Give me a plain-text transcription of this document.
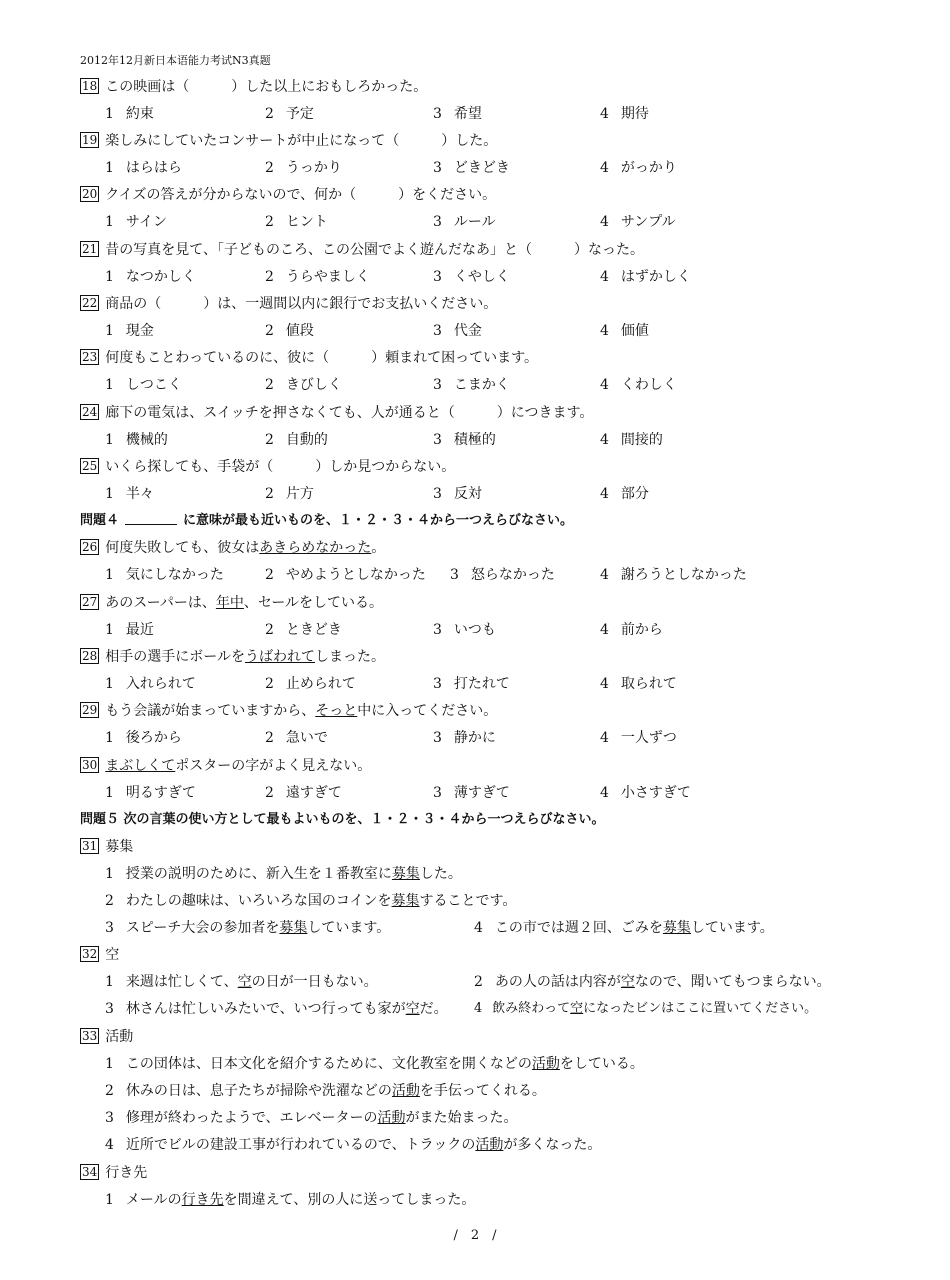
2012年12月新日本语能力考试N3真题
18 この映画は（　　　）した以上におもしろかった。
1 約束	2 予定	3 希望	4 期待
19 楽しみにしていたコンサートが中止になって（　　　）した。
1 はらはら	2 うっかり	3 どきどき	4 がっかり
20 クイズの答えが分からないので、何か（　　　）をください。
1 サイン	2 ヒント	3 ルール	4 サンプル
21 昔の写真を見て、「子どものころ、この公園でよく遊んだなあ」と（　　　）なった。
1 なつかしく	2 うらやましく	3 くやしく	4 はずかしく
22 商品の（　　　）は、一週間以内に銀行でお支払いください。
1 現金	2 値段	3 代金	4 価値
23 何度もことわっているのに、彼に（　　　）頼まれて困っています。
1 しつこく	2 きびしく	3 こまかく	4 くわしく
24 廊下の電気は、スイッチを押さなくても、人が通ると（　　　）につきます。
1 機械的	2 自動的	3 積極的	4 間接的
25 いくら探しても、手袋が（　　　）しか見つからない。
1 半々	2 片方	3 反対	4 部分
問題４	に意味が最も近いものを、１・２・３・４から一つえらびなさい。
26 何度失敗しても、彼女はあきらめなかった。
1 気にしなかった	2 やめようとしなかった 3 怒らなかった	4 謝ろうとしなかった
27 あのスーパーは、年中、セールをしている。
1 最近	2 ときどき	3 いつも	4 前から
28 相手の選手にボールをうばわれてしまった。
1 入れられて	2 止められて	3 打たれて	4 取られて
29 もう会議が始まっていますから、そっと中に入ってください。
1 後ろから	2 急いで	3 静かに	4 一人ずつ
30 まぶしくてポスターの字がよく見えない。
1 明るすぎて	2 遠すぎて	3 薄すぎて	4 小さすぎて
問題５ 次の言葉の使い方として最もよいものを、１・２・３・４から一つえらびなさい。
31 募集
1 授業の説明のために、新入生を１番教室に募集した。
2 わたしの趣味は、いろいろな国のコインを募集することです。
3 スピーチ大会の参加者を募集しています。	4 この市では週２回、ごみを募集しています。
32 空
1 来週は忙しくて、空の日が一日もない。	2 あの人の話は内容が空なので、聞いてもつまらない。
3 林さんは忙しいみたいで、いつ行っても家が空だ。 4 飲み終わって空になったビンはここに置いてください。
33 活動
1 この団体は、日本文化を紹介するために、文化教室を開くなどの活動をしている。
2 休みの日は、息子たちが掃除や洗濯などの活動を手伝ってくれる。
3 修理が終わったようで、エレベーターの活動がまた始まった。
4 近所でビルの建設工事が行われているので、トラックの活動が多くなった。
34 行き先
1 メールの行き先を間違えて、別の人に送ってしまった。
/　2　/
